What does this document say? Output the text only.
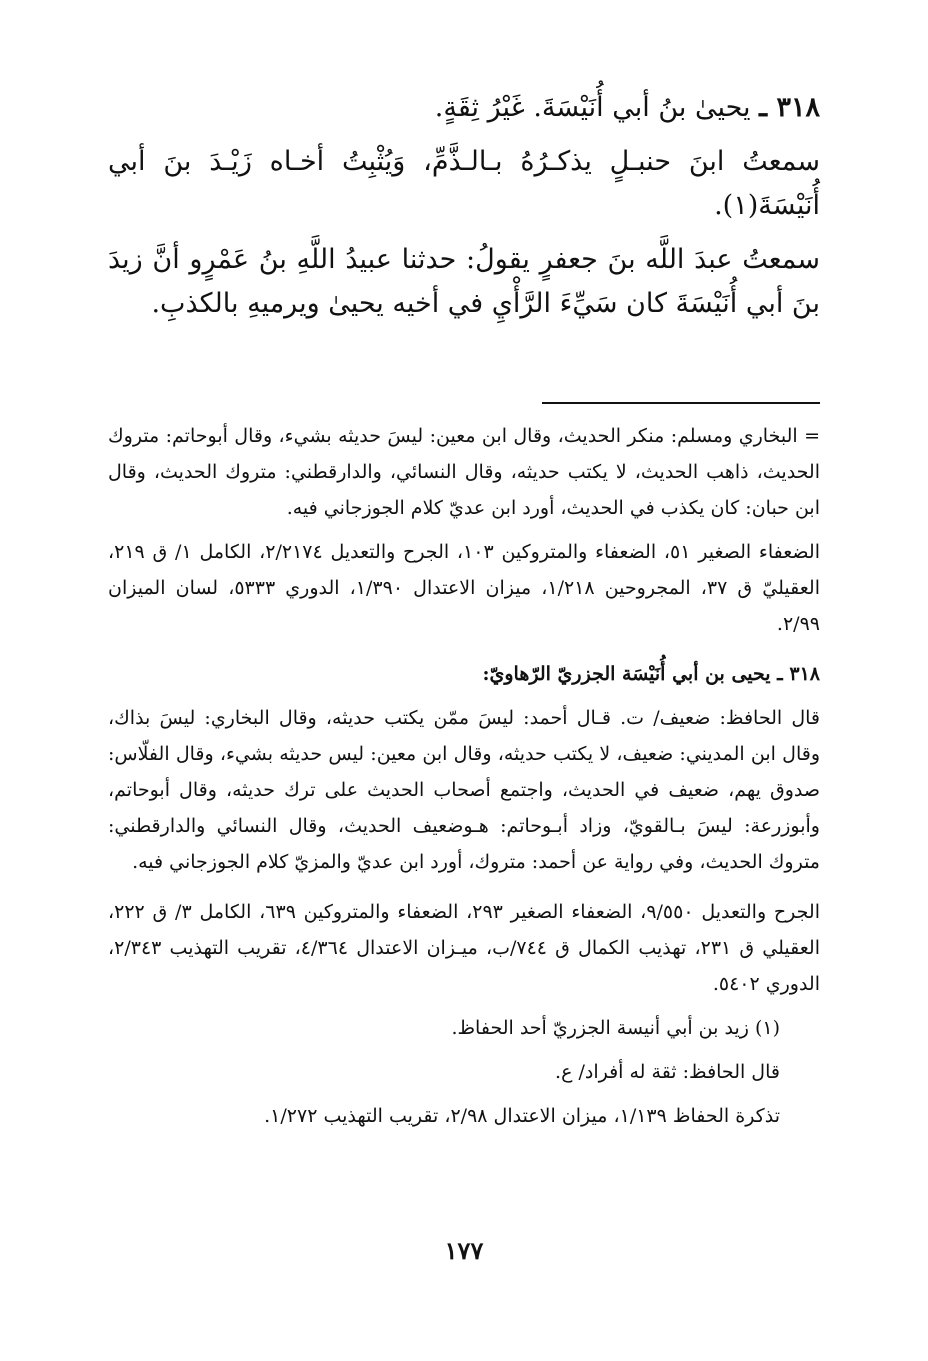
٣١٨ ـ يحيىٰ بنُ أبي أُنَيْسَةَ. غَيْرُ ثِقَةٍ.

سمعتُ ابنَ حنبـلٍ يذكـرُهُ بـالـذَّمِّ، وَيُثْبِتُ أخـاه زَيْـدَ بنَ أبي أُنَيْسَةَ(١).

سمعتُ عبدَ اللَّه بنَ جعفرٍ يقولُ: حدثنا عبيدُ اللَّهِ بنُ عَمْرٍو أنَّ زيدَ بنَ أبي أُنَيْسَةَ كان سَيِّءَ الرَّأْيِ في أخيه يحيىٰ ويرميهِ بالكذبِ.

= البخاري ومسلم: منكر الحديث، وقال ابن معين: ليسَ حديثه بشيء، وقال أبوحاتم: متروك الحديث، ذاهب الحديث، لا يكتب حديثه، وقال النسائي، والدارقطني: متروك الحديث، وقال ابن حبان: كان يكذب في الحديث، أورد ابن عديّ كلام الجوزجاني فيه.

الضعفاء الصغير ٥١، الضعفاء والمتروكين ١٠٣، الجرح والتعديل ٢/٢١٧٤، الكامل ١/ ق ٢١٩، العقيليّ ق ٣٧، المجروحين ١/٢١٨، ميزان الاعتدال ١/٣٩٠، الدوري ٥٣٣٣، لسان الميزان ٢/٩٩.

٣١٨ ـ يحيى بن أبي أُنَيْسَة الجزريّ الرّهاويّ:

قال الحافظ: ضعيف/ ت. قـال أحمد: ليسَ ممّن يكتب حديثه، وقال البخاري: ليسَ بذاك، وقال ابن المديني: ضعيف، لا يكتب حديثه، وقال ابن معين: ليس حديثه بشيء، وقال الفلّاس: صدوق يهم، ضعيف في الحديث، واجتمع أصحاب الحديث على ترك حديثه، وقال أبوحاتم، وأبوزرعة: ليسَ بـالقويّ، وزاد أبـوحاتم: هـوضعيف الحديث، وقال النسائي والدارقطني: متروك الحديث، وفي رواية عن أحمد: متروك، أورد ابن عديّ والمزيّ كلام الجوزجاني فيه.

الجرح والتعديل ٩/٥٥٠، الضعفاء الصغير ٢٩٣، الضعفاء والمتروكين ٦٣٩، الكامل ٣/ ق ٢٢٢، العقيلي ق ٢٣١، تهذيب الكمال ق ٧٤٤/ب، ميـزان الاعتدال ٤/٣٦٤، تقريب التهذيب ٢/٣٤٣، الدوري ٥٤٠٢.

(١) زيد بن أبي أنيسة الجزريّ أحد الحفاظ.

قال الحافظ: ثقة له أفراد/ ع.

تذكرة الحفاظ ١/١٣٩، ميزان الاعتدال ٢/٩٨، تقريب التهذيب ١/٢٧٢.

١٧٧
